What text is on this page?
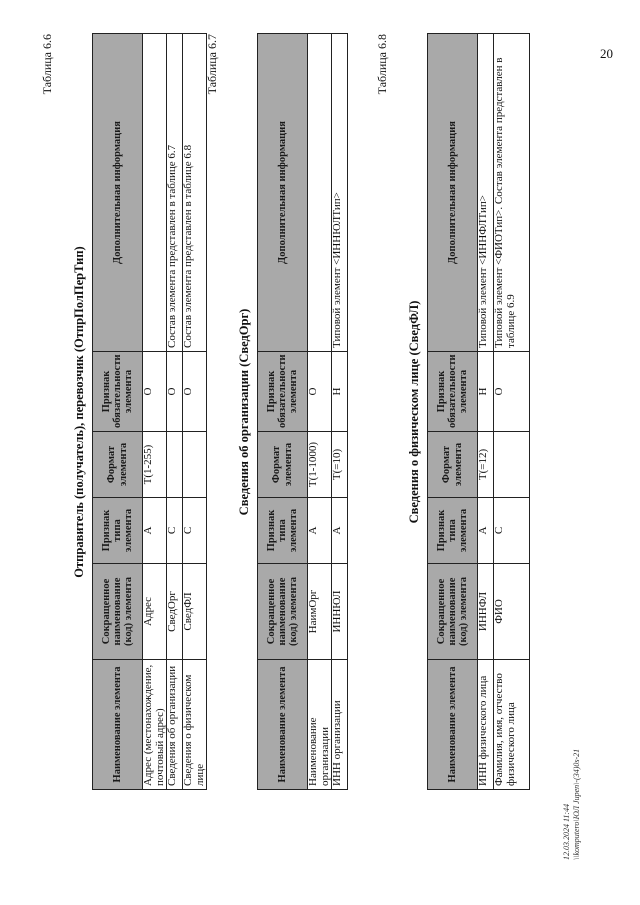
20
12.03.2024 11:44 \\komputero\ЮЛ Jupen\-(34)0s-21
Таблица 6.6
Отправитель (получатель), перевозчик (ОтпрПолПерТип)
Наименование элемента	Сокращенное наименование (код) элемента	Признак типа элемента	Формат элемента	Признак обязательности элемента	Дополнительная информация
Адрес (местонахождение, почтовый адрес)	Адрес	А	T(1-255)	О	
Сведения об организации	СведОрг	С		О	Состав элемента представлен в таблице 6.7
Сведения о физическом лице	СведФЛ	С		О	Состав элемента представлен в таблице 6.8
Таблица 6.7
Сведения об организации (СведОрг)
Наименование элемента	Сокращенное наименование (код) элемента	Признак типа элемента	Формат элемента	Признак обязательности элемента	Дополнительная информация
Наименование организации	НаимОрг	А	T(1-1000)	О	
ИНН организации	ИННЮЛ	А	T(=10)	Н	Типовой элемент <ИННЮЛТип>
Таблица 6.8
Сведения о физическом лице (СведФЛ)
Наименование элемента	Сокращенное наименование (код) элемента	Признак типа элемента	Формат элемента	Признак обязательности элемента	Дополнительная информация
ИНН физического лица	ИННФЛ	А	T(=12)	Н	Типовой элемент <ИННФЛТип>
Фамилия, имя, отчество физического лица	ФИО	С		О	Типовой элемент <ФИОТип>. Состав элемента представлен в таблице 6.9
